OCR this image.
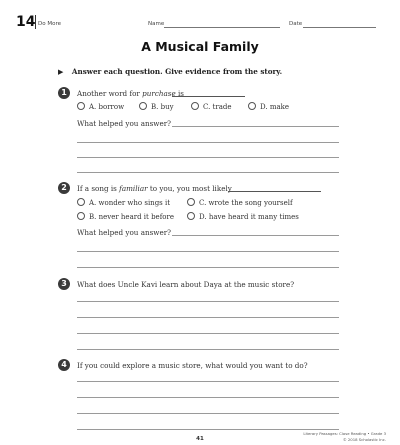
14 Do More	Name	Date
A Musical Family
▶ Answer each question. Give evidence from the story.
1	Another word for purchase is
A. borrow	B. buy	C. trade	D. make
What helped you answer?
2	If a song is familiar to you, you most likely
A. wonder who sings it	C. wrote the song yourself
B. never heard it before	D. have heard it many times
What helped you answer?
3	What does Uncle Kavi learn about Daya at the music store?
4	If you could explore a music store, what would you want to do?
41
Literary Passages: Close Reading • Grade 3
© 2018 Scholastic Inc.
